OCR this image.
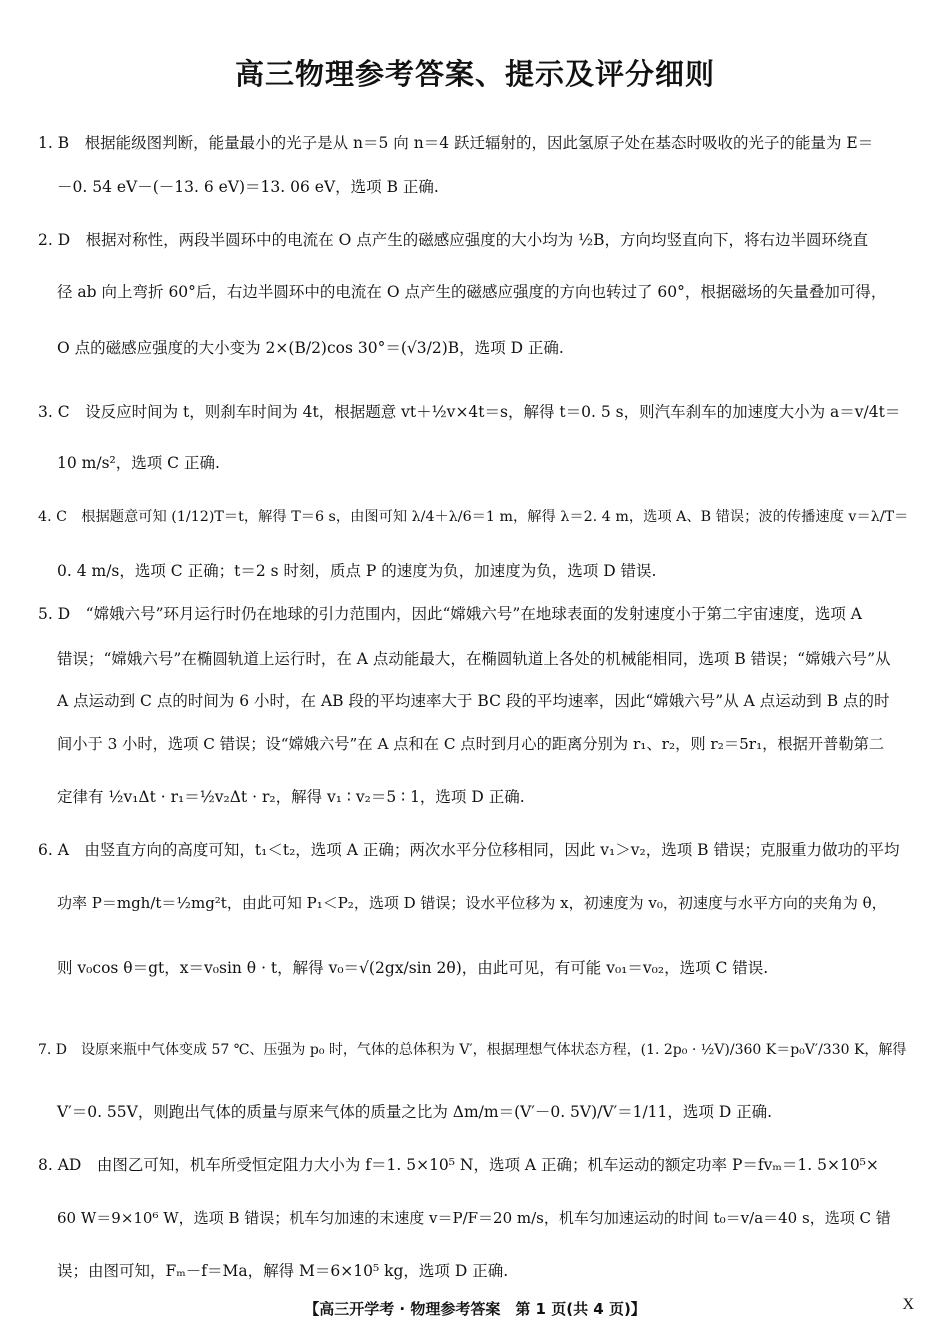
高三物理参考答案、提示及评分细则
1. B　根据能级图判断，能量最小的光子是从 n＝5 向 n＝4 跃迁辐射的，因此氢原子处在基态时吸收的光子的能量为 E＝
－0. 54 eV－(－13. 6 eV)＝13. 06 eV，选项 B 正确.
2. D　根据对称性，两段半圆环中的电流在 O 点产生的磁感应强度的大小均为 ½B，方向均竖直向下，将右边半圆环绕直
径 ab 向上弯折 60°后，右边半圆环中的电流在 O 点产生的磁感应强度的方向也转过了 60°，根据磁场的矢量叠加可得，
O 点的磁感应强度的大小变为 2×(B/2)cos 30°＝(√3/2)B，选项 D 正确.
3. C　设反应时间为 t，则刹车时间为 4t，根据题意 vt＋½v×4t＝s，解得 t＝0. 5 s，则汽车刹车的加速度大小为 a＝v/4t＝
10 m/s²，选项 C 正确.
4. C　根据题意可知 (1/12)T＝t，解得 T＝6 s，由图可知 λ/4＋λ/6＝1 m，解得 λ＝2. 4 m，选项 A、B 错误；波的传播速度 v＝λ/T＝
0. 4 m/s，选项 C 正确；t＝2 s 时刻，质点 P 的速度为负，加速度为负，选项 D 错误.
5. D　“嫦娥六号”环月运行时仍在地球的引力范围内，因此“嫦娥六号”在地球表面的发射速度小于第二宇宙速度，选项 A
错误；“嫦娥六号”在椭圆轨道上运行时，在 A 点动能最大，在椭圆轨道上各处的机械能相同，选项 B 错误；“嫦娥六号”从
A 点运动到 C 点的时间为 6 小时，在 AB 段的平均速率大于 BC 段的平均速率，因此“嫦娥六号”从 A 点运动到 B 点的时
间小于 3 小时，选项 C 错误；设“嫦娥六号”在 A 点和在 C 点时到月心的距离分别为 r₁、r₂，则 r₂＝5r₁，根据开普勒第二
定律有 ½v₁Δt · r₁＝½v₂Δt · r₂，解得 v₁ ∶ v₂＝5 ∶ 1，选项 D 正确.
6. A　由竖直方向的高度可知，t₁＜t₂，选项 A 正确；两次水平分位移相同，因此 v₁＞v₂，选项 B 错误；克服重力做功的平均
功率 P＝mgh/t＝½mg²t，由此可知 P₁＜P₂，选项 D 错误；设水平位移为 x，初速度为 v₀，初速度与水平方向的夹角为 θ，
则 v₀cos θ＝gt，x＝v₀sin θ · t，解得 v₀＝√(2gx/sin 2θ)，由此可见，有可能 v₀₁＝v₀₂，选项 C 错误.
7. D　设原来瓶中气体变成 57 ℃、压强为 p₀ 时，气体的总体积为 V′，根据理想气体状态方程，(1. 2p₀ · ½V)/360 K＝p₀V′/330 K，解得
V′＝0. 55V，则跑出气体的质量与原来气体的质量之比为 Δm/m＝(V′－0. 5V)/V′＝1/11，选项 D 正确.
8. AD　由图乙可知，机车所受恒定阻力大小为 f＝1. 5×10⁵ N，选项 A 正确；机车运动的额定功率 P＝fvₘ＝1. 5×10⁵×
60 W＝9×10⁶ W，选项 B 错误；机车匀加速的末速度 v＝P/F＝20 m/s，机车匀加速运动的时间 t₀＝v/a＝40 s，选项 C 错
误；由图可知，Fₘ－f＝Ma，解得 M＝6×10⁵ kg，选项 D 正确.
【高三开学考 · 物理参考答案　第 1 页(共 4 页)】	X
